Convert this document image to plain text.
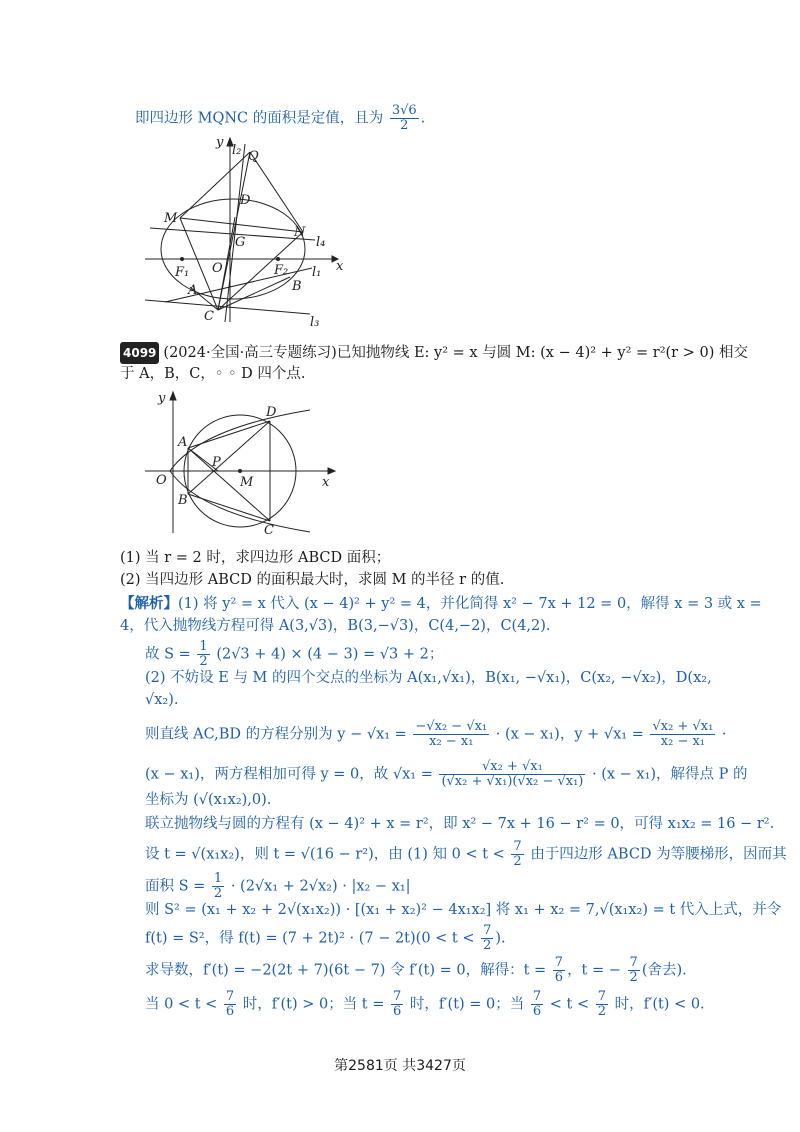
即四边形 MQNC 的面积是定值，且为 $\frac{3√6}{2}$ .
y
l₂ Q
D
M
G
N
l₄
F₁ O	F₂ l₁ x
A	B
C	l₃
4099 (2024·全国·高三专题练习)已知抛物线 E: y² = x 与圆 M: (x − 4)² + y² = r²(r > 0) 相交
于 A，B，C，◦ ◦ D 四个点.
y
A
D
P
O	M	x
B
C
(1) 当 r = 2 时，求四边形 ABCD 面积；
(2) 当四边形 ABCD 的面积最大时，求圆 M 的半径 r 的值.
【解析】(1) 将 y² = x 代入 (x − 4)² + y² = 4，并化简得 x² − 7x + 12 = 0，解得 x = 3 或 x =
4，代入抛物线方程可得 A(3,√3)，B(3,−√3)，C(4,−2)，C(4,2).
故 $S = \frac{1}{2} (2√3 + 4) \times (4 - 3) = √3 + 2$；
(2) 不妨设 E 与 M 的四个交点的坐标为 A(x₁,√x₁)，B(x₁, −√x₁)，C(x₂, −√x₂)，D(x₂,
√x₂).
则直线 AC,BD 的方程分别为 $y - √x_1 = \frac{\text{−√x₂ − √x₁}}{\text{x₂ − x₁}} \cdot (x - x_1)$，$y + √x_1 = \frac{\text{√x₂ + √x₁}}{\text{x₂ − x₁}}$ ·
(x − x₁)，两方程相加可得 y = 0，故 $√x_1 = \frac{\text{√x₂ + √x₁}}{\text{(√x₂ + √x₁)(√x₂ − √x₁)}} \cdot (x - x_1)$，解得点 P 的
坐标为 (√(x₁x₂),0).
联立抛物线与圆的方程有 (x − 4)² + x = r²，即 x² − 7x + 16 − r² = 0，可得 x₁x₂ = 16 − r².
设 t = √(x₁x₂)，则 t = √(16 − r²)，由 (1) 知 $0 < t < \frac{7}{2}$ 由于四边形 ABCD 为等腰梯形，因而其
面积 $S = \frac{1}{2} \cdot (2√x_1 + 2√x_2) \cdot |x_2 - x_1|$
则 S² = (x₁ + x₂ + 2√(x₁x₂)) · [(x₁ + x₂)² − 4x₁x₂] 将 x₁ + x₂ = 7,√(x₁x₂) = t 代入上式，并令
f(t) = S²，得 $f(t) = (7 + 2t)^2 \cdot (7 - 2t)(0 < t < \frac{7}{2}$ ).
求导数，f′(t) = −2(2t + 7)(6t − 7) 令 f′(t) = 0，解得：$t = \frac{7}{6}$ ，t = − $\frac{7}{2}$ (舍去).
当 $0 < t < \frac{7}{6}$ 时，f′(t) > 0；当 $t = \frac{7}{6}$ 时，f′(t) = 0；当 $\frac{7}{6} < t < \frac{7}{2}$ 时，f′(t) < 0.
第2581页 共3427页
